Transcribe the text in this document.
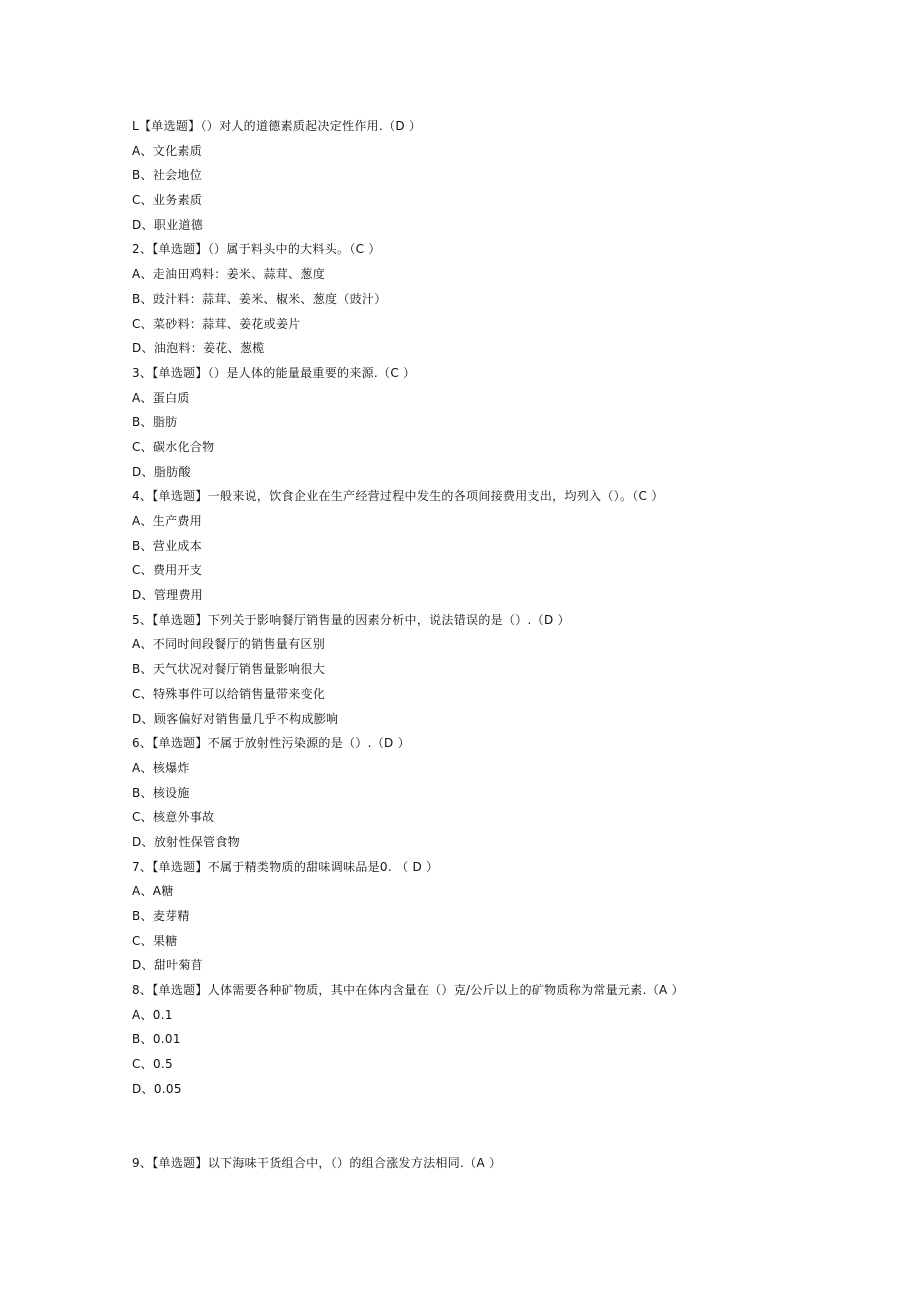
L【单选题】（）对人的道德素质起决定性作用.（D ）
A、文化素质
B、社会地位
C、业务素质
D、职业道德
2、【单选题】（）属于料头中的大料头。（C ）
A、走油田鸡料：姜米、蒜茸、葱度
B、豉汁料：蒜茸、姜米、椒米、葱度（豉汁）
C、菜砂料：蒜茸、姜花或姜片
D、油泡料：姜花、葱榄
3、【单选题】（）是人体的能量最重要的来源.（C ）
A、蛋白质
B、脂肪
C、碳水化合物
D、脂肪酸
4、【单选题】一般来说，饮食企业在生产经营过程中发生的各项间接费用支出，均列入（）。（C ）
A、生产费用
B、营业成本
C、费用开支
D、管理费用
5、【单选题】下列关于影响餐厅销售量的因素分析中，说法错误的是（）.（D ）
A、不同时间段餐厅的销售量有区别
B、天气状况对餐厅销售量影响很大
C、特殊事件可以给销售量带来变化
D、顾客偏好对销售量几乎不构成膨响
6、【单选题】不属于放射性污染源的是（）.（D ）
A、核爆炸
B、核设施
C、核意外事故
D、放射性保管食物
7、【单选题】不属于精类物质的甜味调味品是0. （ D ）
A、A糖
B、麦芽精
C、果糖
D、甜叶菊苜
8、【单选题】人体需要各种矿物质，其中在体内含量在（）克/公斤以上的矿物质称为常量元素.（A ）
A、0.1
B、0.01
C、0.5
D、0.05
9、【单选题】以下海味干货组合中，（）的组合涨发方法相同.（A ）
